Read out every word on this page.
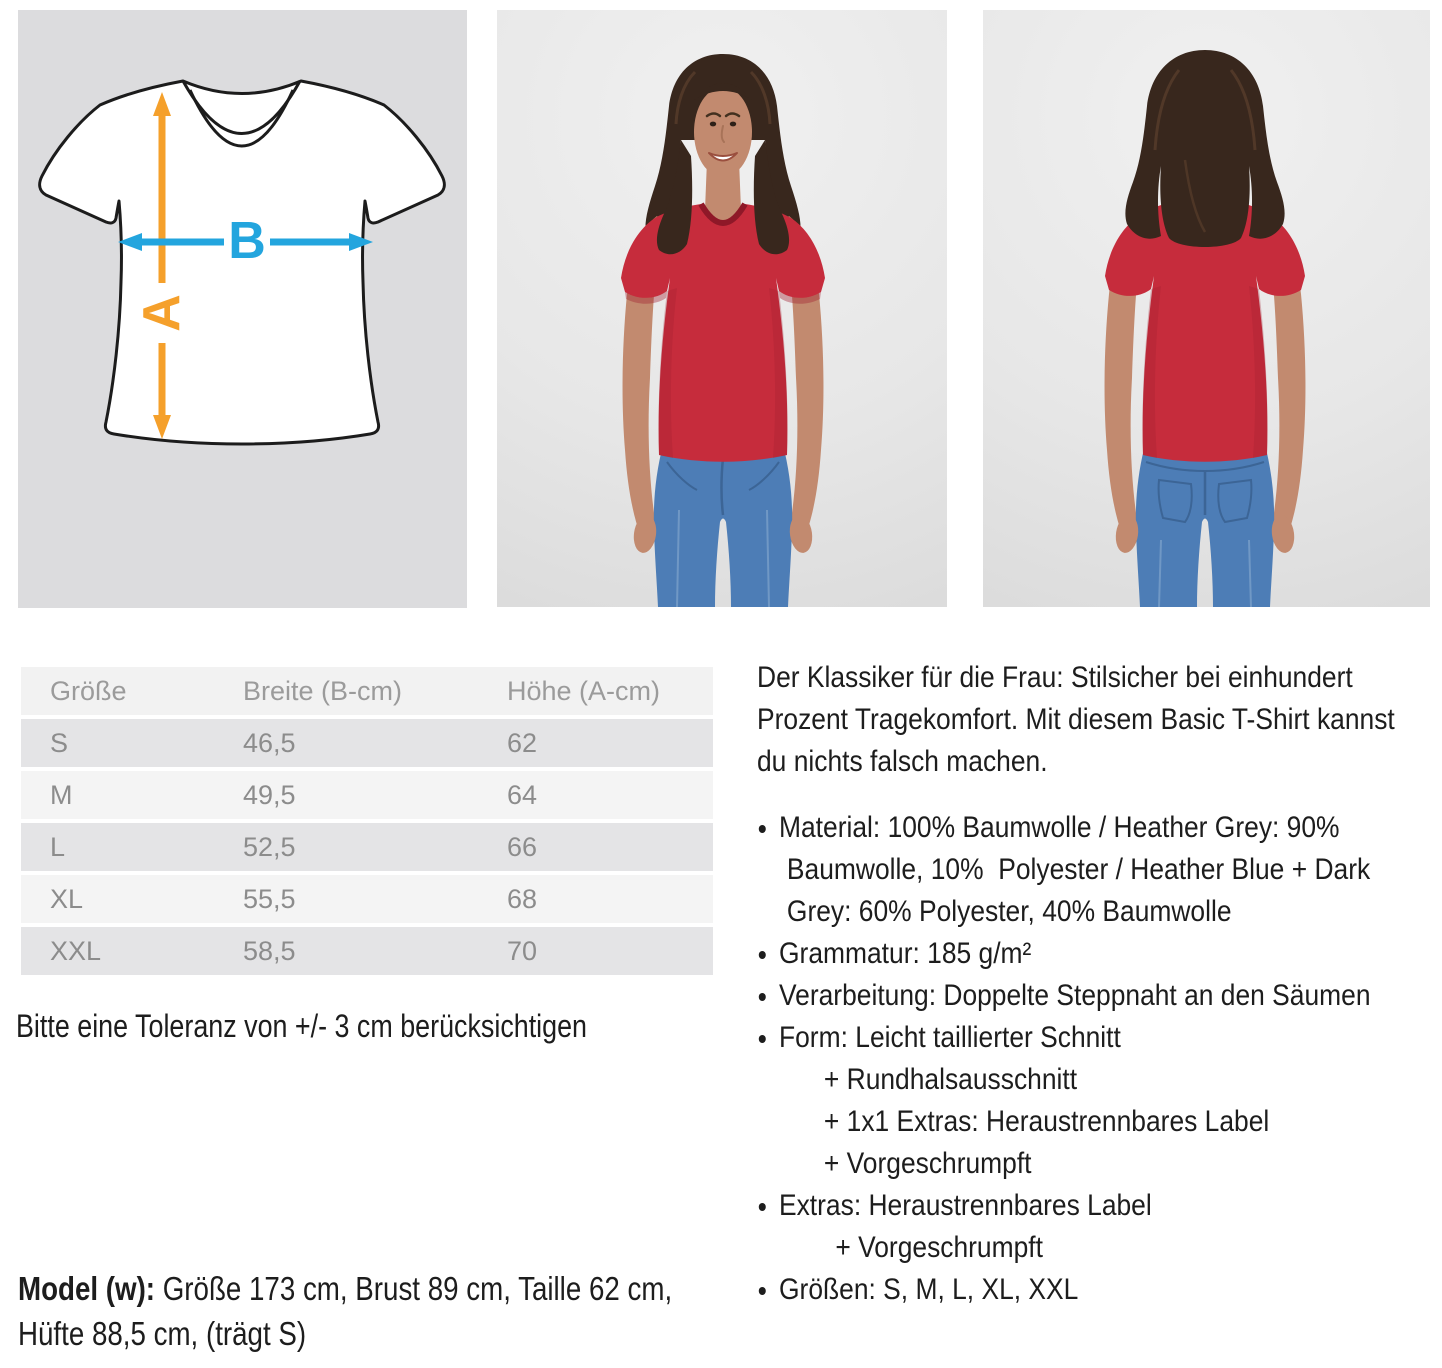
A
B
Größe	Breite (B-cm)	Höhe (A-cm)
S	46,5	62
M	49,5	64
L	52,5	66
XL	55,5	68
XXL	58,5	70
Bitte eine Toleranz von +/- 3 cm berücksichtigen
Model (w): Größe 173 cm, Brust 89 cm, Taille 62 cm,
Hüfte 88,5 cm, (trägt S)
Der Klassiker für die Frau: Stilsicher bei einhundert
Prozent Tragekomfort. Mit diesem Basic T-Shirt kannst
du nichts falsch machen.
Material: 100% Baumwolle / Heather Grey: 90%
Baumwolle, 10%  Polyester / Heather Blue + Dark
Grey: 60% Polyester, 40% Baumwolle
Grammatur: 185 g/m²
Verarbeitung: Doppelte Steppnaht an den Säumen
Form: Leicht taillierter Schnitt
+ Rundhalsausschnitt
+ 1x1 Extras: Heraustrennbares Label
+ Vorgeschrumpft
Extras: Heraustrennbares Label
+ Vorgeschrumpft
Größen: S, M, L, XL, XXL
